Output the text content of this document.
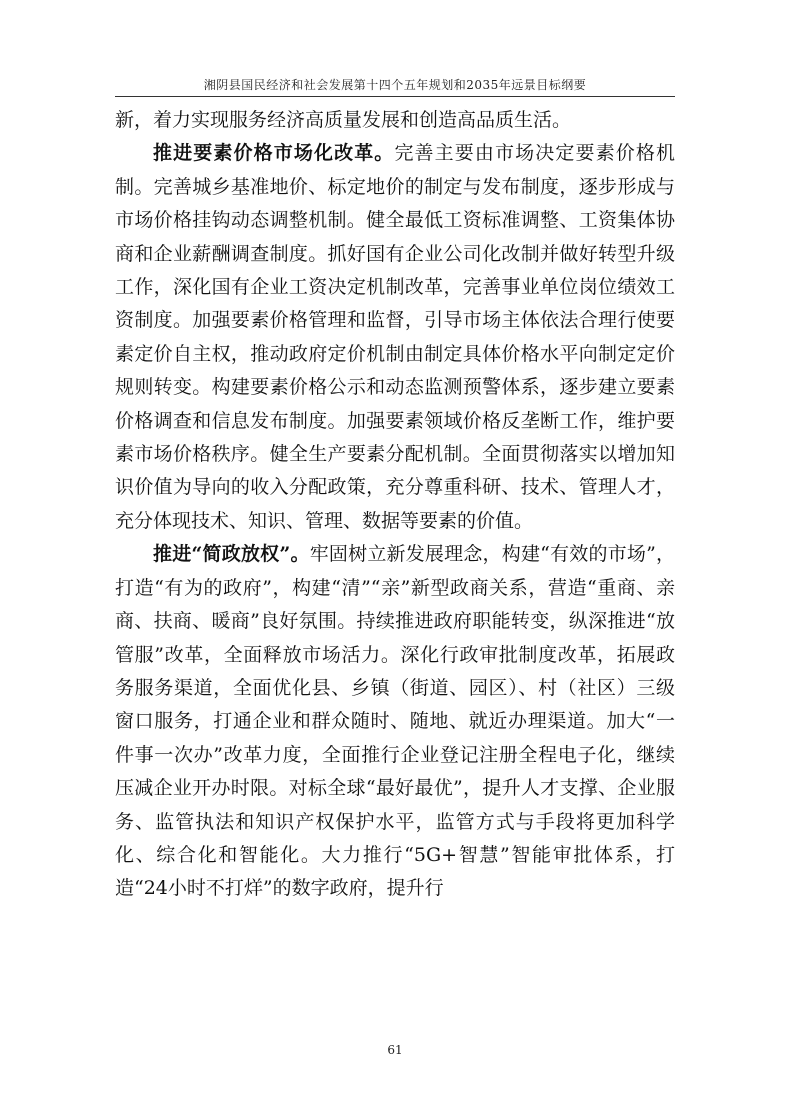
湘阴县国民经济和社会发展第十四个五年规划和2035年远景目标纲要

新，着力实现服务经济高质量发展和创造高品质生活。

推进要素价格市场化改革。完善主要由市场决定要素价格机制。完善城乡基准地价、标定地价的制定与发布制度，逐步形成与市场价格挂钩动态调整机制。健全最低工资标准调整、工资集体协商和企业薪酬调查制度。抓好国有企业公司化改制并做好转型升级工作，深化国有企业工资决定机制改革，完善事业单位岗位绩效工资制度。加强要素价格管理和监督，引导市场主体依法合理行使要素定价自主权，推动政府定价机制由制定具体价格水平向制定定价规则转变。构建要素价格公示和动态监测预警体系，逐步建立要素价格调查和信息发布制度。加强要素领域价格反垄断工作，维护要素市场价格秩序。健全生产要素分配机制。全面贯彻落实以增加知识价值为导向的收入分配政策，充分尊重科研、技术、管理人才，充分体现技术、知识、管理、数据等要素的价值。

推进“简政放权”。牢固树立新发展理念，构建“有效的市场”，打造“有为的政府”，构建“清”“亲”新型政商关系，营造“重商、亲商、扶商、暖商”良好氛围。持续推进政府职能转变，纵深推进“放管服”改革，全面释放市场活力。深化行政审批制度改革，拓展政务服务渠道，全面优化县、乡镇（街道、园区）、村（社区）三级窗口服务，打通企业和群众随时、随地、就近办理渠道。加大“一件事一次办”改革力度，全面推行企业登记注册全程电子化，继续压减企业开办时限。对标全球“最好最优”，提升人才支撑、企业服务、监管执法和知识产权保护水平，监管方式与手段将更加科学化、综合化和智能化。大力推行“5G+智慧”智能审批体系，打造“24小时不打烊”的数字政府，提升行

61
